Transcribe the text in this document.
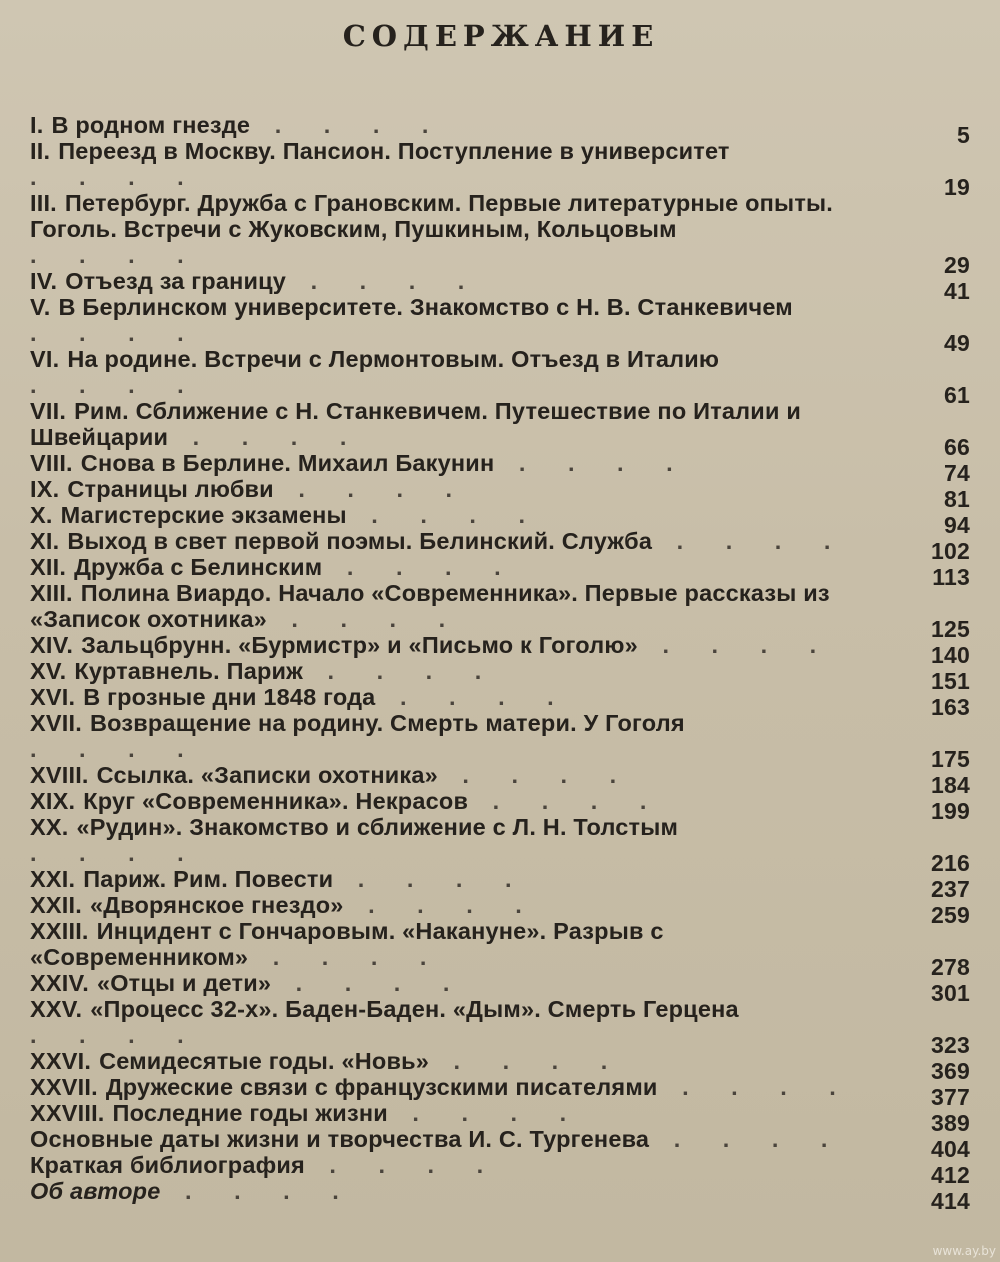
СОДЕРЖАНИЕ
I. В родном гнезде . . . .	5
II. Переезд в Москву. Пансион. Поступление в университет . . . .	19
III. Петербург. Дружба с Грановским. Первые литературные опыты. Гоголь. Встречи с Жуковским, Пушкиным, Кольцовым . . . .	29
IV. Отъезд за границу . . . .	41
V. В Берлинском университете. Знакомство с Н. В. Станкевичем . . . .	49
VI. На родине. Встречи с Лермонтовым. Отъезд в Италию . . . .	61
VII. Рим. Сближение с Н. Станкевичем. Путешествие по Италии и Швейцарии . . . .	66
VIII. Снова в Берлине. Михаил Бакунин . . . .	74
IX. Страницы любви . . . .	81
X. Магистерские экзамены . . . .	94
XI. Выход в свет первой поэмы. Белинский. Служба . . . .	102
XII. Дружба с Белинским . . . .	113
XIII. Полина Виардо. Начало «Современника». Первые рассказы из «Записок охотника» . . . .	125
XIV. Зальцбрунн. «Бурмистр» и «Письмо к Гоголю» . . . .	140
XV. Куртавнель. Париж . . . .	151
XVI. В грозные дни 1848 года . . . .	163
XVII. Возвращение на родину. Смерть матери. У Гоголя . . . .	175
XVIII. Ссылка. «Записки охотника» . . . .	184
XIX. Круг «Современника». Некрасов . . . .	199
XX. «Рудин». Знакомство и сближение с Л. Н. Толстым . . . .	216
XXI. Париж. Рим. Повести . . . .	237
XXII. «Дворянское гнездо» . . . .	259
XXIII. Инцидент с Гончаровым. «Накануне». Разрыв с «Современником» . . . .	278
XXIV. «Отцы и дети» . . . .	301
XXV. «Процесс 32-х». Баден-Баден. «Дым». Смерть Герцена . . . .	323
XXVI. Семидесятые годы. «Новь» . . . .	369
XXVII. Дружеские связи с французскими писателями . . . .	377
XXVIII. Последние годы жизни . . . .	389
Основные даты жизни и творчества И. С. Тургенева . . . .	404
Краткая библиография . . . .	412
Об авторе . . . .	414
www.ay.by
